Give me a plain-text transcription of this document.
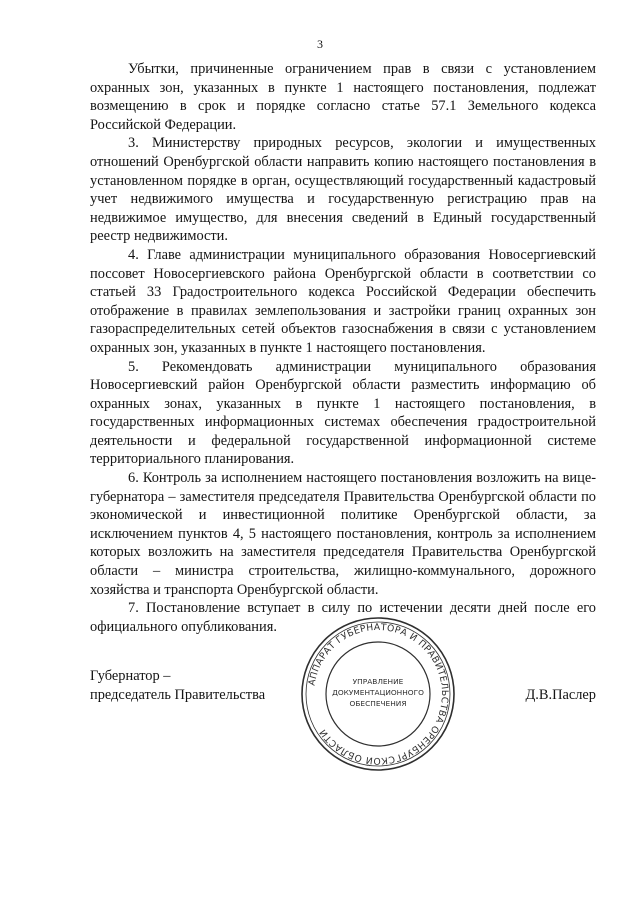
3

Убытки, причиненные ограничением прав в связи с установлением охранных зон, указанных в пункте 1 настоящего постановления, подлежат возмещению в срок и порядке согласно статье 57.1 Земельного кодекса Российской Федерации.

3. Министерству природных ресурсов, экологии и имущественных отношений Оренбургской области направить копию настоящего постановления в установленном порядке в орган, осуществляющий государственный кадастровый учет недвижимого имущества и государственную регистрацию прав на недвижимое имущество, для внесения сведений в Единый государственный реестр недвижимости.

4. Главе администрации муниципального образования Новосергиевский поссовет Новосергиевского района Оренбургской области в соответствии со статьей 33 Градостроительного кодекса Российской Федерации обеспечить отображение в правилах землепользования и застройки границ охранных зон газораспределительных сетей объектов газоснабжения в связи с установлением охранных зон, указанных в пункте 1 настоящего постановления.

5. Рекомендовать администрации муниципального образования Новосергиевский район Оренбургской области разместить информацию об охранных зонах, указанных в пункте 1 настоящего постановления, в государственных информационных системах обеспечения градостроительной деятельности и федеральной государственной информационной системе территориального планирования.

6. Контроль за исполнением настоящего постановления возложить на вице-губернатора – заместителя председателя Правительства Оренбургской области по экономической и инвестиционной политике Оренбургской области, за исключением пунктов 4, 5 настоящего постановления, контроль за исполнением которых возложить на заместителя председателя Правительства Оренбургской области – министра строительства, жилищно-коммунального, дорожного хозяйства и транспорта Оренбургской области.

7. Постановление вступает в силу по истечении десяти дней после его официального опубликования.

Губернатор –
председатель Правительства	Д.В.Паслер
АППАРАТ ГУБЕРНАТОРА И ПРАВИТЕЛЬСТВА ОРЕНБУРГСКОЙ ОБЛАСТИ
УПРАВЛЕНИЕ
ДОКУМЕНТАЦИОННОГО
ОБЕСПЕЧЕНИЯ
